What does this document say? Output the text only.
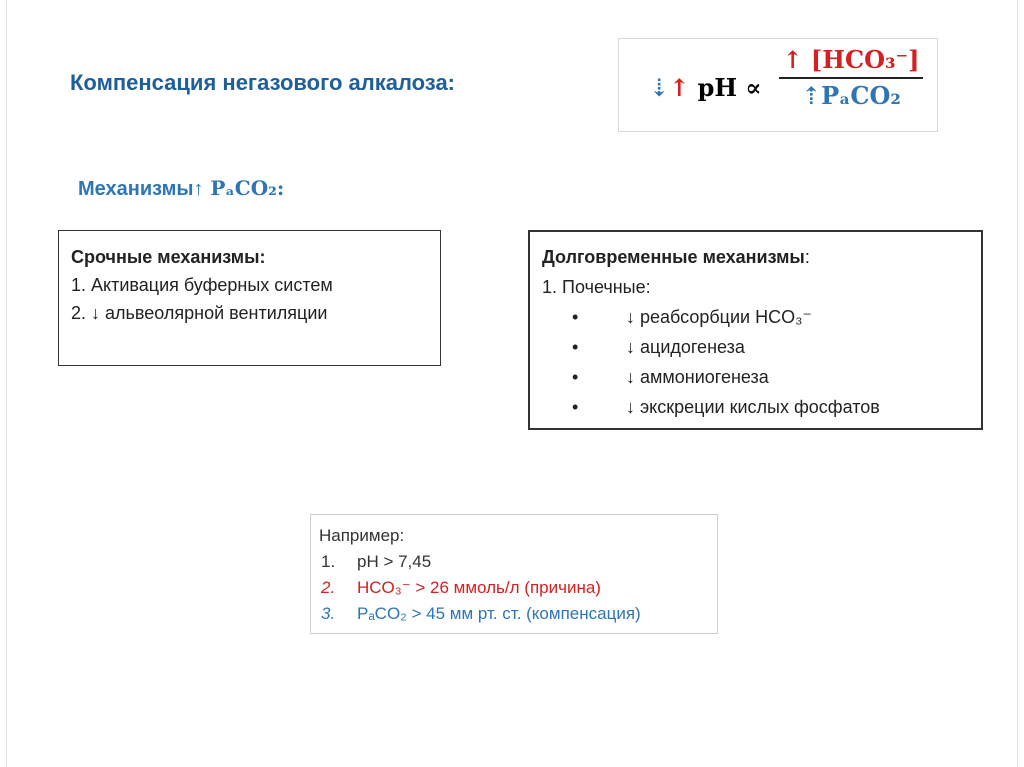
Компенсация негазового алкалоза:	⇣↑ pH ∝
↑ [HCO₃⁻]
⇡PₐCO₂
Механизмы↑ PₐCO₂:
Срочные механизмы:
1. Активация буферных систем
2. ↓ альвеолярной вентиляции
Долговременные механизмы:
1. Почечные:
•	↓ реабсорбции HCO₃⁻
•	↓ ацидогенеза
•	↓ аммониогенеза
•	↓ экскреции кислых фосфатов
Например:
1. pH > 7,45
2. HCO₃⁻ > 26 ммоль/л (причина)
3. PₐCO₂ > 45 мм рт. ст. (компенсация)
